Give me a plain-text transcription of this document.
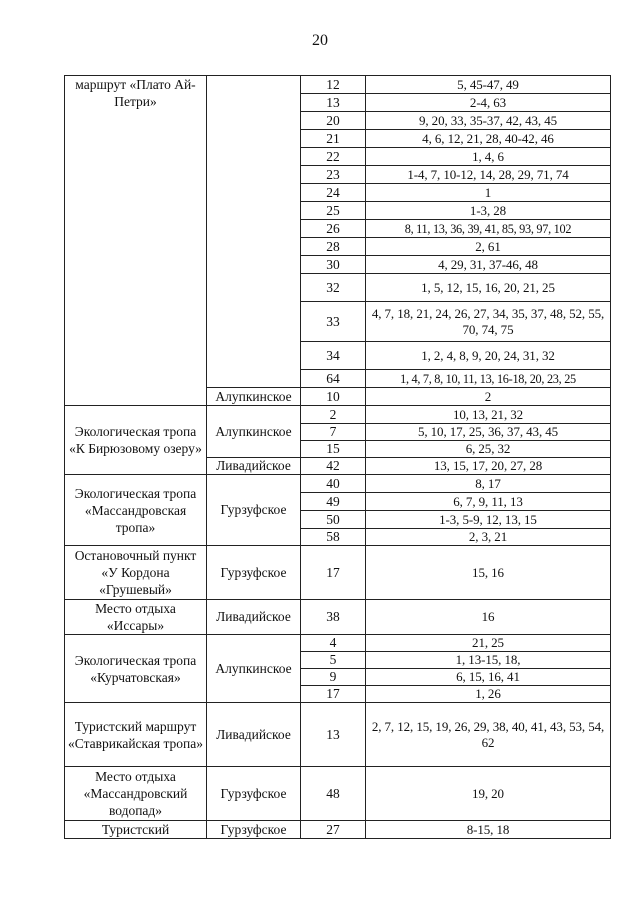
20
маршрут «Плато Ай-Петри»		12	5, 45-47, 49
		13	2-4, 63
		20	9, 20, 33, 35-37, 42, 43, 45
		21	4, 6, 12, 21, 28, 40-42, 46
		22	1, 4, 6
		23	1-4, 7, 10-12, 14, 28, 29, 71, 74
		24	1
		25	1-3, 28
		26	8, 11, 13, 36, 39, 41, 85, 93, 97, 102
		28	2, 61
		30	4, 29, 31, 37-46, 48
		32	1, 5, 12, 15, 16, 20, 21, 25
		33	4, 7, 18, 21, 24, 26, 27, 34, 35, 37, 48, 52, 55, 70, 74, 75
		34	1, 2, 4, 8, 9, 20, 24, 31, 32
		64	1, 4, 7, 8, 10, 11, 13, 16-18, 20, 23, 25
	Алупкинское	10	2
Экологическая тропа «К Бирюзовому озеру»	Алупкинское	2	10, 13, 21, 32
		7	5, 10, 17, 25, 36, 37, 43, 45
		15	6, 25, 32
	Ливадийское	42	13, 15, 17, 20, 27, 28
Экологическая тропа «Массандровская тропа»	Гурзуфское	40	8, 17
		49	6, 7, 9, 11, 13
		50	1-3, 5-9, 12, 13, 15
		58	2, 3, 21
Остановочный пункт «У Кордона «Грушевый»	Гурзуфское	17	15, 16
Место отдыха «Иссары»	Ливадийское	38	16
Экологическая тропа «Курчатовская»	Алупкинское	4	21, 25
		5	1, 13-15, 18,
		9	6, 15, 16, 41
		17	1, 26
Туристский маршрут «Ставрикайская тропа»	Ливадийское	13	2, 7, 12, 15, 19, 26, 29, 38, 40, 41, 43, 53, 54, 62
Место отдыха «Массандровский водопад»	Гурзуфское	48	19, 20
Туристский	Гурзуфское	27	8-15, 18
